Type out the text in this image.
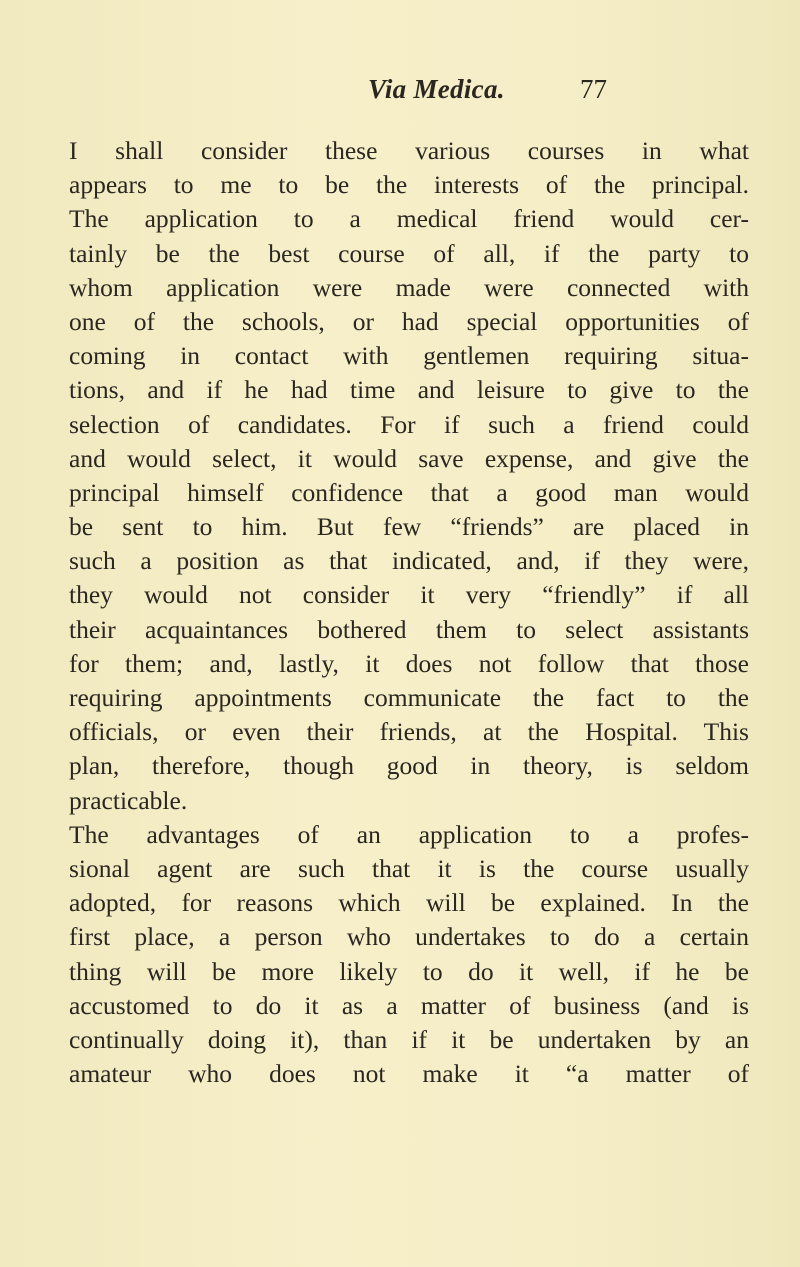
Via Medica.	77
I shall consider these various courses in what
appears to me to be the interests of the principal.
The application to a medical friend would cer-
tainly be the best course of all, if the party to
whom application were made were connected with
one of the schools, or had special opportunities of
coming in contact with gentlemen requiring situa-
tions, and if he had time and leisure to give to the
selection of candidates. For if such a friend could
and would select, it would save expense, and give the
principal himself confidence that a good man would
be sent to him. But few “friends” are placed in
such a position as that indicated, and, if they were,
they would not consider it very “friendly” if all
their acquaintances bothered them to select assistants
for them; and, lastly, it does not follow that those
requiring appointments communicate the fact to the
officials, or even their friends, at the Hospital. This
plan, therefore, though good in theory, is seldom
practicable.
The advantages of an application to a profes-
sional agent are such that it is the course usually
adopted, for reasons which will be explained. In the
first place, a person who undertakes to do a certain
thing will be more likely to do it well, if he be
accustomed to do it as a matter of business (and is
continually doing it), than if it be undertaken by an
amateur who does not make it “a matter of
